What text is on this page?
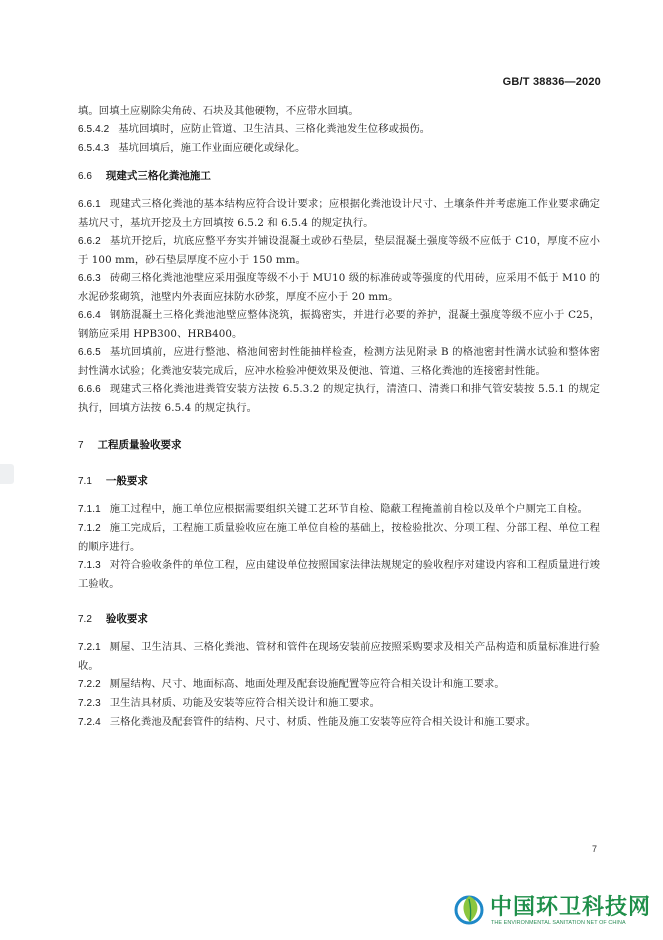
GB/T 38836—2020

填。回填土应剔除尖角砖、石块及其他硬物，不应带水回填。

6.5.4.2 基坑回填时，应防止管道、卫生洁具、三格化粪池发生位移或损伤。

6.5.4.3 基坑回填后，施工作业面应硬化或绿化。

6.6 现建式三格化粪池施工

6.6.1 现建式三格化粪池的基本结构应符合设计要求；应根据化粪池设计尺寸、土壤条件并考虑施工作业要求确定基坑尺寸，基坑开挖及土方回填按 6.5.2 和 6.5.4 的规定执行。

6.6.2 基坑开挖后，坑底应整平夯实并铺设混凝土或砂石垫层，垫层混凝土强度等级不应低于 C10，厚度不应小于 100 mm，砂石垫层厚度不应小于 150 mm。

6.6.3 砖砌三格化粪池池壁应采用强度等级不小于 MU10 级的标准砖或等强度的代用砖，应采用不低于 M10 的水泥砂浆砌筑，池壁内外表面应抹防水砂浆，厚度不应小于 20 mm。

6.6.4 钢筋混凝土三格化粪池池壁应整体浇筑，振捣密实，并进行必要的养护，混凝土强度等级不应小于 C25，钢筋应采用 HPB300、HRB400。

6.6.5 基坑回填前，应进行整池、格池间密封性能抽样检查，检测方法见附录 B 的格池密封性满水试验和整体密封性满水试验；化粪池安装完成后，应冲水检验冲便效果及便池、管道、三格化粪池的连接密封性能。

6.6.6 现建式三格化粪池进粪管安装方法按 6.5.3.2 的规定执行，清渣口、清粪口和排气管安装按 5.5.1 的规定执行，回填方法按 6.5.4 的规定执行。

7 工程质量验收要求
7.1 一般要求

7.1.1 施工过程中，施工单位应根据需要组织关键工艺环节自检、隐蔽工程掩盖前自检以及单个户厕完工自检。

7.1.2 施工完成后，工程施工质量验收应在施工单位自检的基础上，按检验批次、分项工程、分部工程、单位工程的顺序进行。

7.1.3 对符合验收条件的单位工程，应由建设单位按照国家法律法规规定的验收程序对建设内容和工程质量进行竣工验收。

7.2 验收要求

7.2.1 厕屋、卫生洁具、三格化粪池、管材和管件在现场安装前应按照采购要求及相关产品构造和质量标准进行验收。

7.2.2 厕屋结构、尺寸、地面标高、地面处理及配套设施配置等应符合相关设计和施工要求。

7.2.3 卫生洁具材质、功能及安装等应符合相关设计和施工要求。

7.2.4 三格化粪池及配套管件的结构、尺寸、材质、性能及施工安装等应符合相关设计和施工要求。

7
中国环卫科技网
THE ENVIRONMENTAL SANITATION NET OF CHINA
